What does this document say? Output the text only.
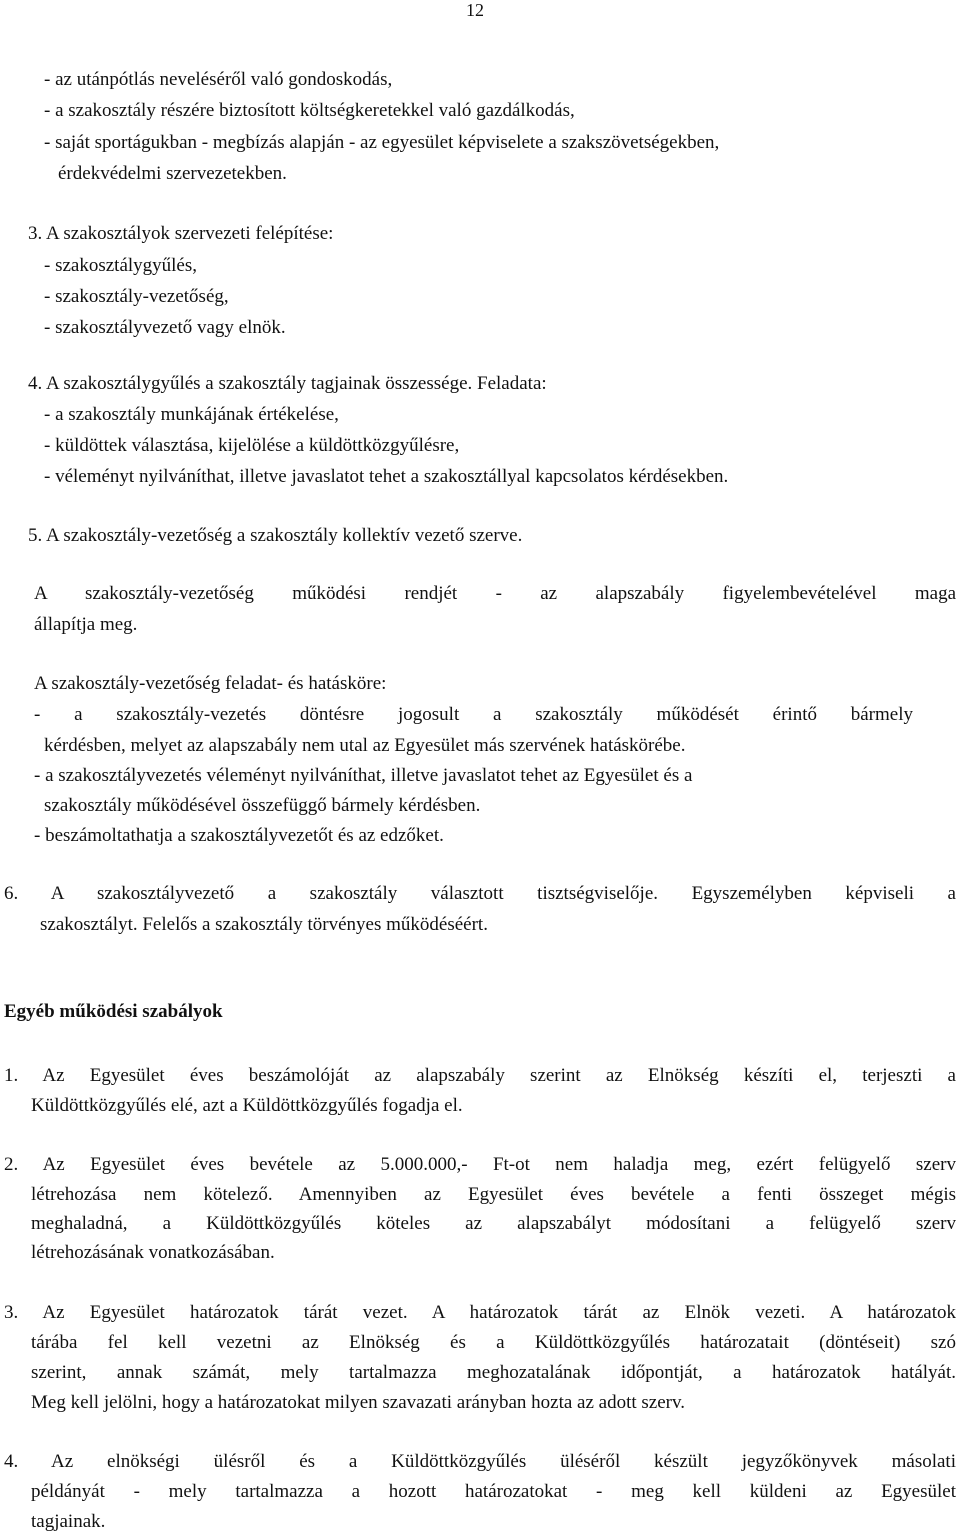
12
- az utánpótlás neveléséről való gondoskodás,
- a szakosztály részére biztosított költségkeretekkel való gazdálkodás,
- saját sportágukban - megbízás alapján - az egyesület képviselete a szakszövetségekben,
érdekvédelmi szervezetekben.
3. A szakosztályok szervezeti felépítése:
- szakosztálygyűlés,
- szakosztály-vezetőség,
- szakosztályvezető vagy elnök.
4. A szakosztálygyűlés a szakosztály tagjainak összessége. Feladata:
- a szakosztály munkájának értékelése,
- küldöttek választása, kijelölése a küldöttközgyűlésre,
- véleményt nyilváníthat, illetve javaslatot tehet a szakosztállyal kapcsolatos kérdésekben.
5. A szakosztály-vezetőség a szakosztály kollektív vezető szerve.
A szakosztály-vezetőség működési rendjét - az alapszabály figyelembevételével maga
állapítja meg.
A szakosztály-vezetőség feladat- és hatásköre:
- a szakosztály-vezetés döntésre jogosult a szakosztály működését érintő bármely
kérdésben, melyet az alapszabály nem utal az Egyesület más szervének hatáskörébe.
- a szakosztályvezetés véleményt nyilváníthat, illetve javaslatot tehet az Egyesület és a
szakosztály működésével összefüggő bármely kérdésben.
- beszámoltathatja a szakosztályvezetőt és az edzőket.
6. A szakosztályvezető a szakosztály választott tisztségviselője. Egyszemélyben képviseli a
szakosztályt. Felelős a szakosztály törvényes működéséért.
Egyéb működési szabályok
1. Az Egyesület éves beszámolóját az alapszabály szerint az Elnökség készíti el, terjeszti a
Küldöttközgyűlés elé, azt a Küldöttközgyűlés fogadja el.
2. Az Egyesület éves bevétele az 5.000.000,- Ft-ot nem haladja meg, ezért felügyelő szerv
létrehozása nem kötelező. Amennyiben az Egyesület éves bevétele a fenti összeget mégis
meghaladná, a Küldöttközgyűlés köteles az alapszabályt módosítani a felügyelő szerv
létrehozásának vonatkozásában.
3. Az Egyesület határozatok tárát vezet. A határozatok tárát az Elnök vezeti. A határozatok
tárába fel kell vezetni az Elnökség és a Küldöttközgyűlés határozatait (döntéseit) szó
szerint, annak számát, mely tartalmazza meghozatalának időpontját, a határozatok hatályát.
Meg kell jelölni, hogy a határozatokat milyen szavazati arányban hozta az adott szerv.
4. Az elnökségi ülésről és a Küldöttközgyűlés üléséről készült jegyzőkönyvek másolati
példányát - mely tartalmazza a hozott határozatokat - meg kell küldeni az Egyesület
tagjainak.
